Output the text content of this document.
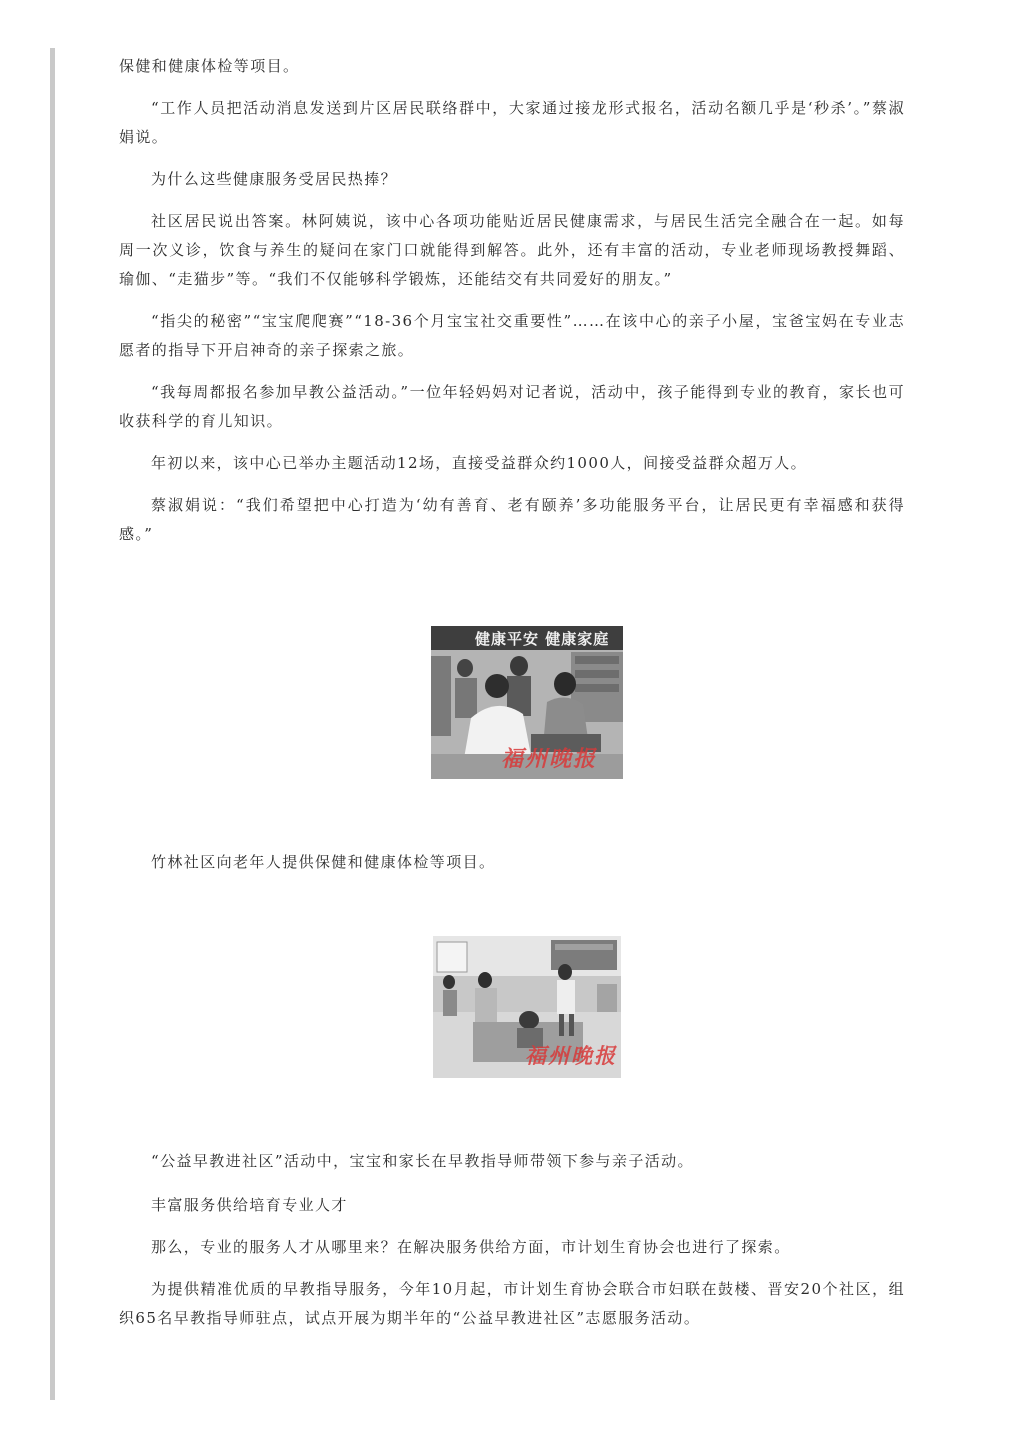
保健和健康体检等项目。

“工作人员把活动消息发送到片区居民联络群中，大家通过接龙形式报名，活动名额几乎是‘秒杀’。”蔡淑娟说。

为什么这些健康服务受居民热捧？

社区居民说出答案。林阿姨说，该中心各项功能贴近居民健康需求，与居民生活完全融合在一起。如每周一次义诊，饮食与养生的疑问在家门口就能得到解答。此外，还有丰富的活动，专业老师现场教授舞蹈、瑜伽、“走猫步”等。“我们不仅能够科学锻炼，还能结交有共同爱好的朋友。”

“指尖的秘密”“宝宝爬爬赛”“18-36个月宝宝社交重要性”……在该中心的亲子小屋，宝爸宝妈在专业志愿者的指导下开启神奇的亲子探索之旅。

“我每周都报名参加早教公益活动。”一位年轻妈妈对记者说，活动中，孩子能得到专业的教育，家长也可收获科学的育儿知识。

年初以来，该中心已举办主题活动12场，直接受益群众约1000人，间接受益群众超万人。

蔡淑娟说：“我们希望把中心打造为‘幼有善育、老有颐养’多功能服务平台，让居民更有幸福感和获得感。”

健康平安 健康家庭
福州晚报

竹林社区向老年人提供保健和健康体检等项目。

福州晚报

“公益早教进社区”活动中，宝宝和家长在早教指导师带领下参与亲子活动。

丰富服务供给培育专业人才

那么，专业的服务人才从哪里来？在解决服务供给方面，市计划生育协会也进行了探索。

为提供精准优质的早教指导服务，今年10月起，市计划生育协会联合市妇联在鼓楼、晋安20个社区，组织65名早教指导师驻点，试点开展为期半年的“公益早教进社区”志愿服务活动。
